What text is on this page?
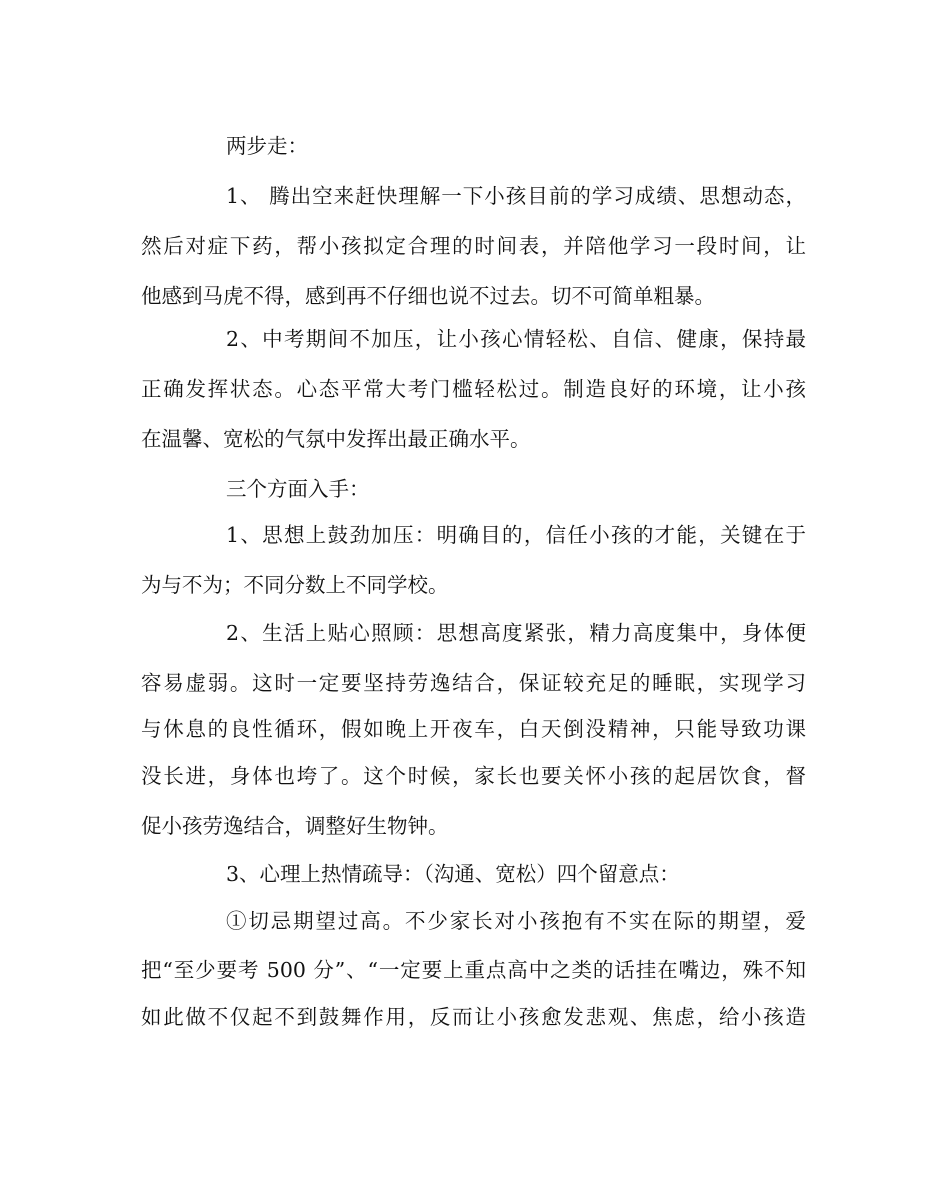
两步走：
1、 腾出空来赶快理解一下小孩目前的学习成绩、思想动态，
然后对症下药，帮小孩拟定合理的时间表，并陪他学习一段时间，让
他感到马虎不得，感到再不仔细也说不过去。切不可简单粗暴。
2、中考期间不加压，让小孩心情轻松、自信、健康，保持最
正确发挥状态。心态平常大考门槛轻松过。制造良好的环境，让小孩
在温馨、宽松的气氛中发挥出最正确水平。
三个方面入手：
1、思想上鼓劲加压：明确目的，信任小孩的才能，关键在于
为与不为；不同分数上不同学校。
2、生活上贴心照顾：思想高度紧张，精力高度集中，身体便
容易虚弱。这时一定要坚持劳逸结合，保证较充足的睡眠，实现学习
与休息的良性循环，假如晚上开夜车，白天倒没精神，只能导致功课
没长进，身体也垮了。这个时候，家长也要关怀小孩的起居饮食，督
促小孩劳逸结合，调整好生物钟。
3、心理上热情疏导：（沟通、宽松）四个留意点：
①切忌期望过高。不少家长对小孩抱有不实在际的期望，爱
把“至少要考 500 分”、“一定要上重点高中之类的话挂在嘴边，殊不知
如此做不仅起不到鼓舞作用，反而让小孩愈发悲观、焦虑，给小孩造
